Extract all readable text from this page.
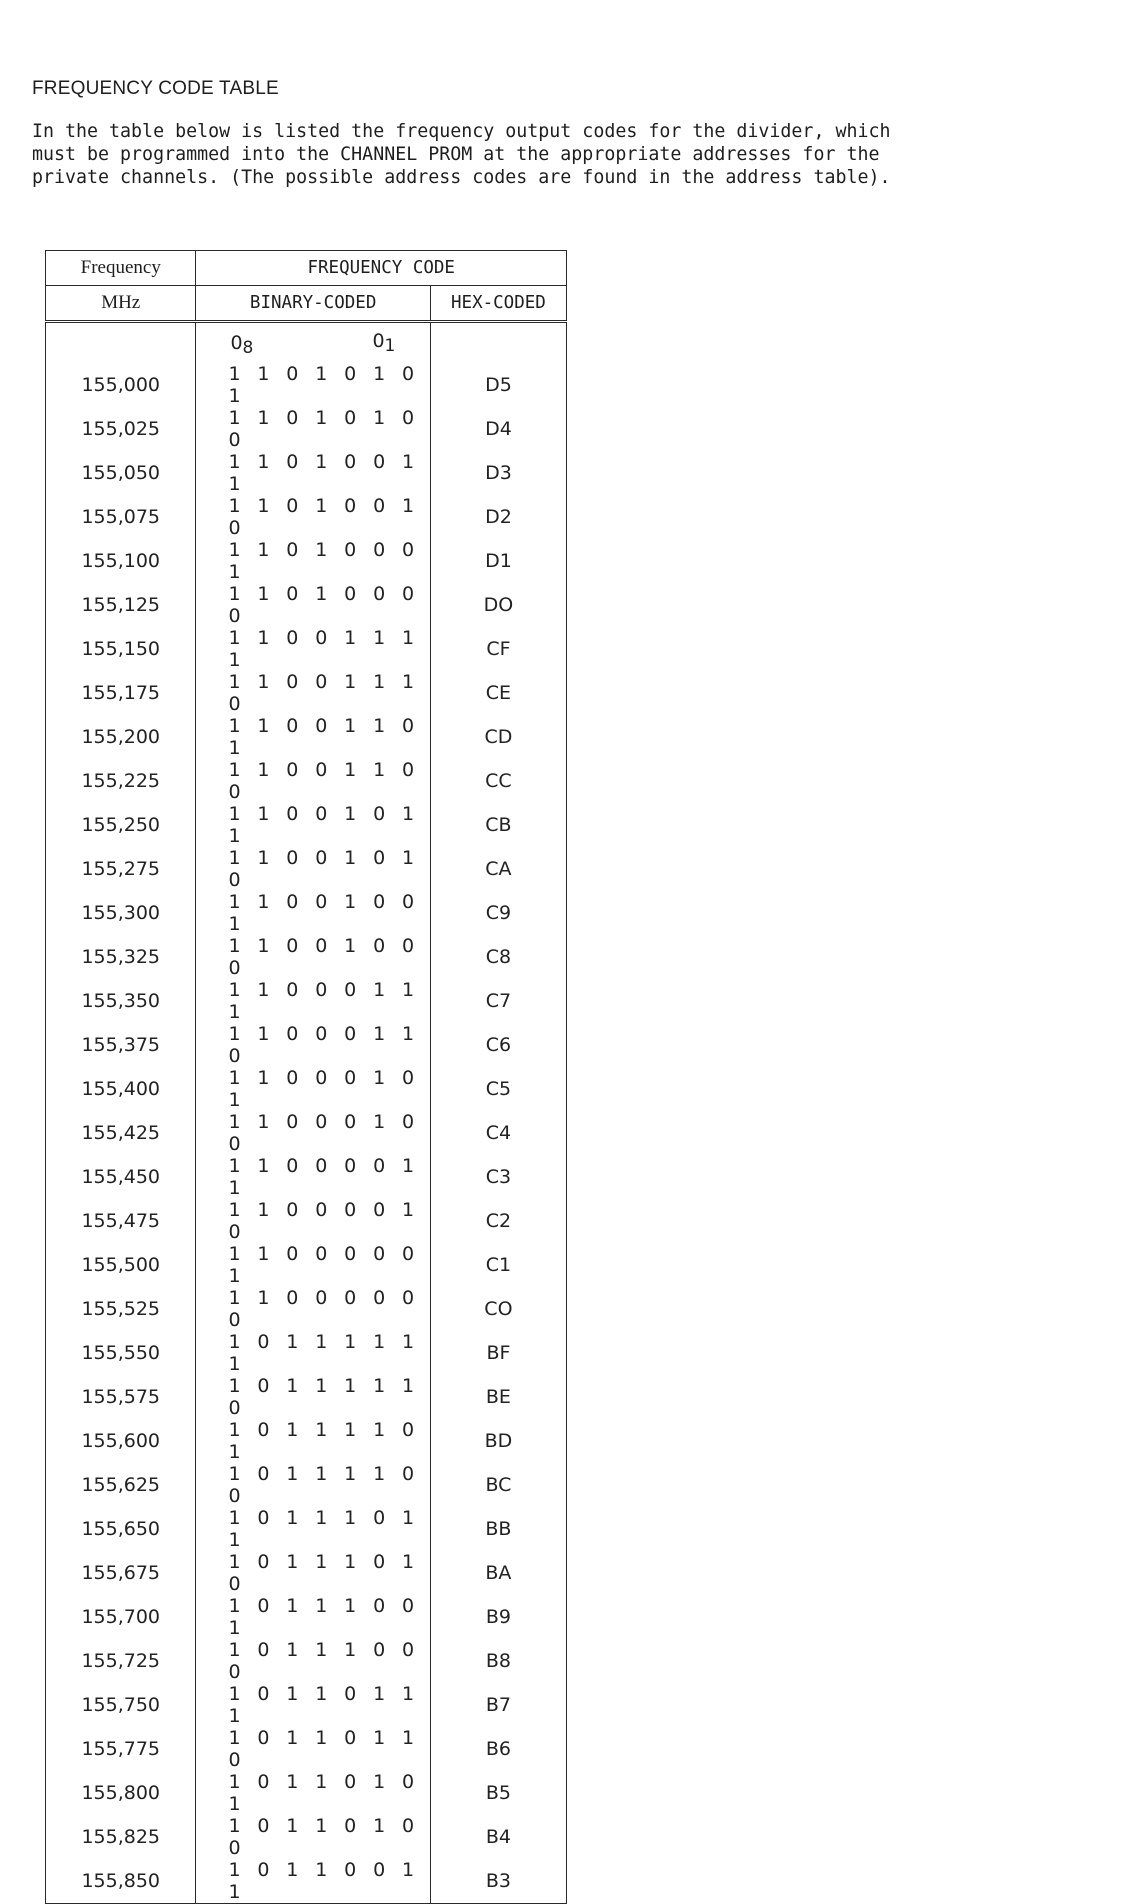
FREQUENCY CODE TABLE
In the table below is listed the frequency output codes for the divider, which
must be programmed into the CHANNEL PROM at the appropriate addresses for the
private channels. (The possible address codes are found in the address table).
Frequency	FREQUENCY CODE	
MHz	BINARY-CODED	HEX-CODED

	$0_8$ $0_1$

155,000	1 1 0 1 0 1 0 1	D5
155,025	1 1 0 1 0 1 0 0	D4
155,050	1 1 0 1 0 0 1 1	D3
155,075	1 1 0 1 0 0 1 0	D2
155,100	1 1 0 1 0 0 0 1	D1
155,125	1 1 0 1 0 0 0 0	DO
155,150	1 1 0 0 1 1 1 1	CF
155,175	1 1 0 0 1 1 1 0	CE
155,200	1 1 0 0 1 1 0 1	CD
155,225	1 1 0 0 1 1 0 0	CC
155,250	1 1 0 0 1 0 1 1	CB
155,275	1 1 0 0 1 0 1 0	CA
155,300	1 1 0 0 1 0 0 1	C9
155,325	1 1 0 0 1 0 0 0	C8
155,350	1 1 0 0 0 1 1 1	C7
155,375	1 1 0 0 0 1 1 0	C6
155,400	1 1 0 0 0 1 0 1	C5
155,425	1 1 0 0 0 1 0 0	C4
155,450	1 1 0 0 0 0 1 1	C3
155,475	1 1 0 0 0 0 1 0	C2
155,500	1 1 0 0 0 0 0 1	C1
155,525	1 1 0 0 0 0 0 0	CO
155,550	1 0 1 1 1 1 1 1	BF
155,575	1 0 1 1 1 1 1 0	BE
155,600	1 0 1 1 1 1 0 1	BD
155,625	1 0 1 1 1 1 0 0	BC
155,650	1 0 1 1 1 0 1 1	BB
155,675	1 0 1 1 1 0 1 0	BA
155,700	1 0 1 1 1 0 0 1	B9
155,725	1 0 1 1 1 0 0 0	B8
155,750	1 0 1 1 0 1 1 1	B7
155,775	1 0 1 1 0 1 1 0	B6
155,800	1 0 1 1 0 1 0 1	B5
155,825	1 0 1 1 0 1 0 0	B4
155,850	1 0 1 1 0 0 1 1	B3
